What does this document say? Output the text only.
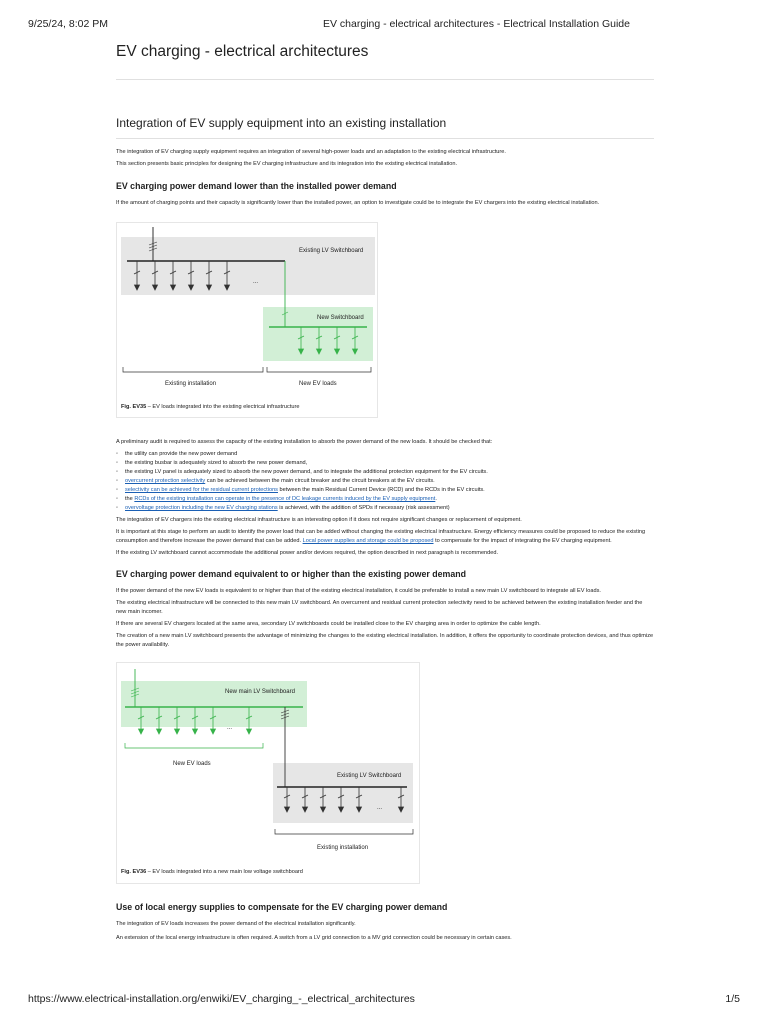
9/25/24, 8:02 PM	EV charging - electrical architectures - Electrical Installation Guide
EV charging - electrical architectures
Integration of EV supply equipment into an existing installation

The integration of EV charging supply equipment requires an integration of several high-power loads and an adaptation to the existing electrical infrastructure.

This section presents basic principles for designing the EV charging infrastructure and its integration into the existing electrical installation.

EV charging power demand lower than the installed power demand

If the amount of charging points and their capacity is significantly lower than the installed power, an option to investigate could be to integrate the EV chargers into the existing electrical installation.

...
Existing LV Switchboard
New Switchboard
Existing installation	New EV loads
Fig. EV35 – EV loads integrated into the existing electrical infrastructure

A preliminary audit is required to assess the capacity of the existing installation to absorb the power demand of the new loads. It should be checked that:

◦ the utility can provide the new power demand
◦ the existing busbar is adequately sized to absorb the new power demand,
◦ the existing LV panel is adequately sized to absorb the new power demand, and to integrate the additional protection equipment for the EV circuits.
◦ overcurrent protection selectivity can be achieved between the main circuit breaker and the circuit breakers at the EV circuits.
◦ selectivity can be achieved for the residual current protections between the main Residual Current Device (RCD) and the RCDs in the EV circuits.
◦ the RCDs of the existing installation can operate in the presence of DC leakage currents induced by the EV supply equipment.
◦ overvoltage protection including the new EV charging stations is achieved, with the addition of SPDs if necessary (risk assessment)

The integration of EV chargers into the existing electrical infrastructure is an interesting option if it does not require significant changes or replacement of equipment.

It is important at this stage to perform an audit to identify the power load that can be added without changing the existing electrical infrastructure. Energy efficiency measures could be proposed to reduce the existing consumption and therefore increase the power demand that can be added. Local power supplies and storage could be proposed to compensate for the impact of integrating the EV charging equipment.

If the existing LV switchboard cannot accommodate the additional power and/or devices required, the option described in next paragraph is recommended.

EV charging power demand equivalent to or higher than the existing power demand

If the power demand of the new EV loads is equivalent to or higher than that of the existing electrical installation, it could be preferable to install a new main LV switchboard to integrate all EV loads.

The existing electrical infrastructure will be connected to this new main LV switchboard. An overcurrent and residual current protection selectivity need to be achieved between the existing installation feeder and the new main incomer.

If there are several EV chargers located at the same area, secondary LV switchboards could be installed close to the EV charging area in order to optimize the cable length.

The creation of a new main LV switchboard presents the advantage of minimizing the changes to the existing electrical installation. In addition, it offers the opportunity to coordinate protection devices, and thus optimize the power availability.

...
...
New main LV Switchboard
Existing LV Switchboard
New EV loads
Existing installation
Fig. EV36 – EV loads integrated into a new main low voltage switchboard
Use of local energy supplies to compensate for the EV charging power demand

The integration of EV loads increases the power demand of the electrical installation significantly.

An extension of the local energy infrastructure is often required. A switch from a LV grid connection to a MV grid connection could be necessary in certain cases.

https://www.electrical-installation.org/enwiki/EV_charging_-_electrical_architectures	1/5
